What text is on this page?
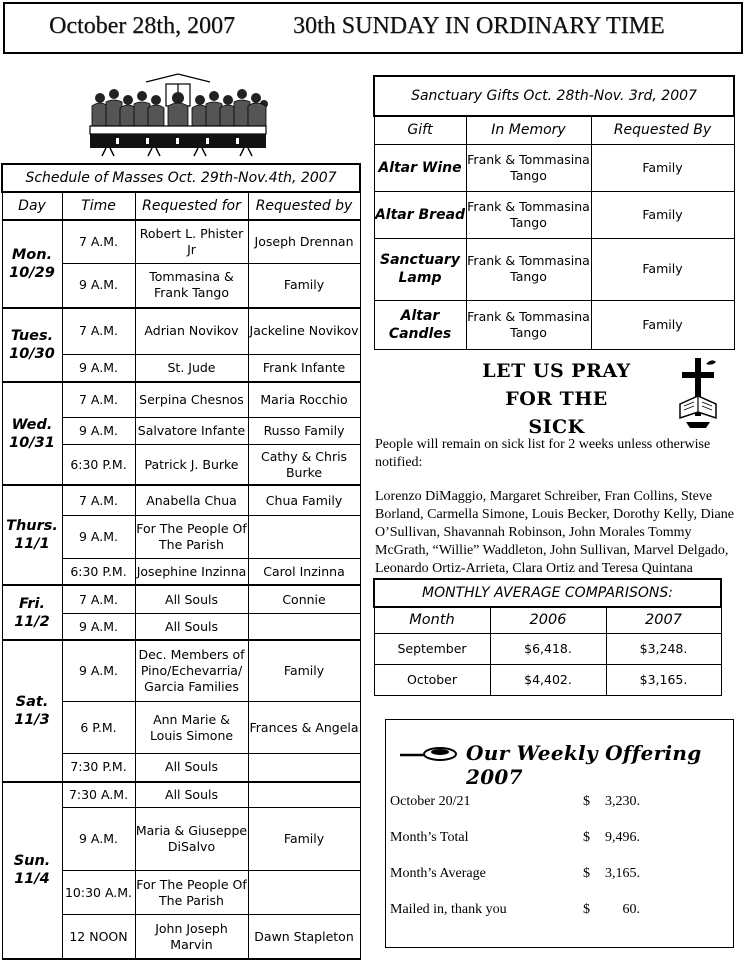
October 28th, 2007 30th SUNDAY IN ORDINARY TIME
Schedule of Masses Oct. 29th-Nov.4th, 2007			
Day	Time	Requested for	Requested by
Mon.
10/29	7 A.M.	Robert L. Phister Jr	Joseph Drennan
	9 A.M.	Tommasina & Frank Tango	Family
Tues.
10/30	7 A.M.	Adrian Novikov	Jackeline Novikov
	9 A.M.	St. Jude	Frank Infante
Wed.
10/31	7 A.M.	Serpina Chesnos	Maria Rocchio
	9 A.M.	Salvatore Infante	Russo Family
	6:30 P.M.	Patrick J. Burke	Cathy & Chris Burke
Thurs.
11/1	7 A.M.	Anabella Chua	Chua Family
	9 A.M.	For The People Of The Parish	
	6:30 P.M.	Josephine Inzinna	Carol Inzinna
Fri.
11/2	7 A.M.	All Souls	Connie
	9 A.M.	All Souls	
Sat.
11/3	9 A.M.	Dec. Members of Pino/Echevarria/ Garcia Families	Family
	6 P.M.	Ann Marie & Louis Simone	Frances & Angela
	7:30 P.M.	All Souls	
Sun.
11/4	7:30 A.M.	All Souls	
	9 A.M.	Maria & Giuseppe DiSalvo	Family
	10:30 A.M.	For The People Of The Parish	
	12 NOON	John Joseph Marvin	Dawn Stapleton
Sanctuary Gifts Oct. 28th-Nov. 3rd, 2007		
Gift	In Memory	Requested By
Altar Wine	Frank & Tommasina Tango	Family
Altar Bread	Frank & Tommasina Tango	Family
Sanctuary Lamp	Frank & Tommasina Tango	Family
Altar Candles	Frank & Tommasina Tango	Family
LET US PRAY
FOR THE SICK
People will remain on sick list for 2 weeks unless otherwise notified:
Lorenzo DiMaggio, Margaret Schreiber, Fran Collins, Steve Borland, Carmella Simone, Louis Becker, Dorothy Kelly, Diane O’Sullivan, Shavannah Robinson, John Morales Tommy McGrath, “Willie” Waddleton, John Sullivan, Marvel Delgado, Leonardo Ortiz-Arrieta, Clara Ortiz and Teresa Quintana
MONTHLY AVERAGE COMPARISONS:		
Month	2006	2007
September	$6,418.	$3,248.
October	$4,402.	$3,165.
Our Weekly Offering 2007
October 20/21	$	3,230.
Month’s Total	$	9,496.
Month’s Average	$	3,165.
Mailed in, thank you	$	60.
